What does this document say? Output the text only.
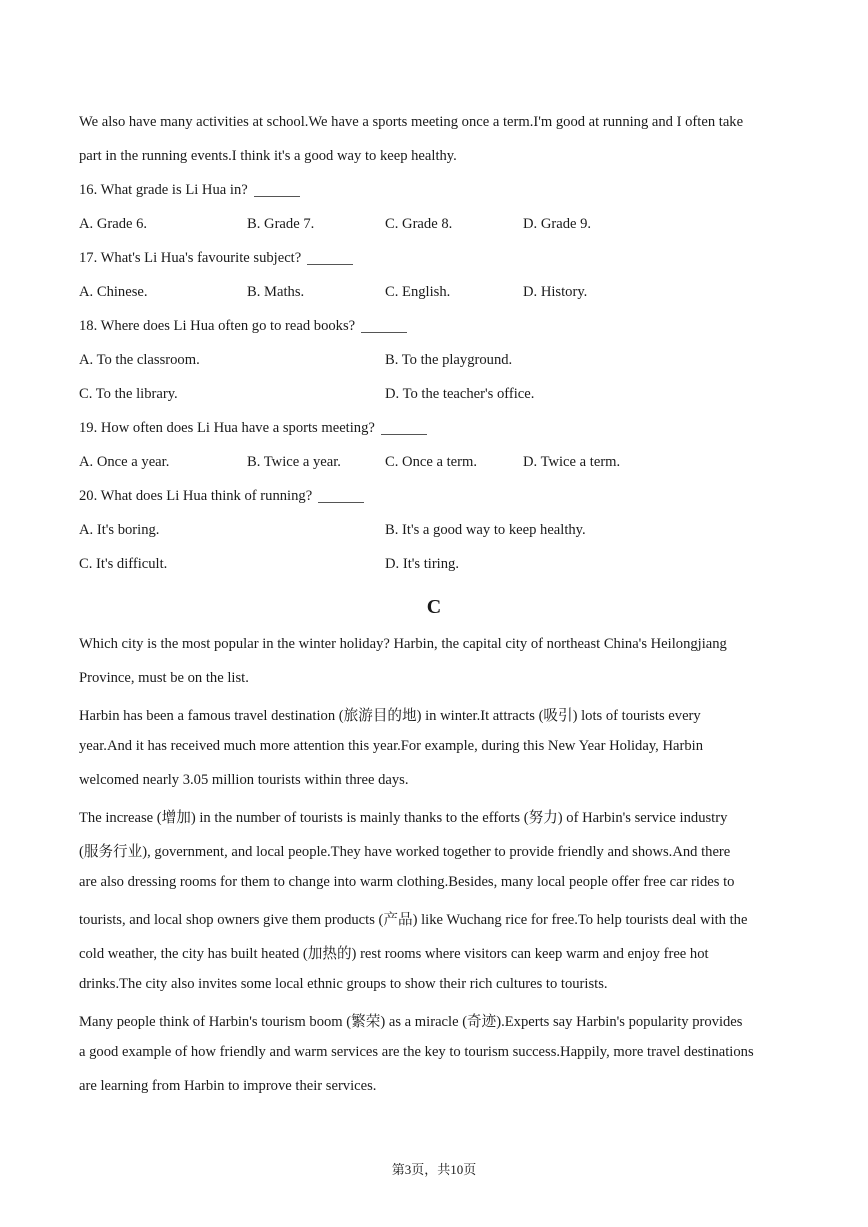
We also have many activities at school.We have a sports meeting once a term.I'm good at running and I often take
part in the running events.I think it's a good way to keep healthy.
16. What grade is Li Hua in?
A. Grade 6.	B. Grade 7.	C. Grade 8.	D. Grade 9.
17. What's Li Hua's favourite subject?
A. Chinese.	B. Maths.	C. English.	D. History.
18. Where does Li Hua often go to read books?
A. To the classroom.	B. To the playground.
C. To the library.	D. To the teacher's office.
19. How often does Li Hua have a sports meeting?
A. Once a year.	B. Twice a year.	C. Once a term.	D. Twice a term.
20. What does Li Hua think of running?
A. It's boring.	B. It's a good way to keep healthy.
C. It's difficult.	D. It's tiring.
C
Which city is the most popular in the winter holiday? Harbin, the capital city of northeast China's Heilongjiang
Province, must be on the list.
Harbin has been a famous travel destination (旅游目的地) in winter.It attracts (吸引) lots of tourists every
year.And it has received much more attention this year.For example, during this New Year Holiday, Harbin
welcomed nearly 3.05 million tourists within three days.
The increase (增加) in the number of tourists is mainly thanks to the efforts (努力) of Harbin's service industry
(服务行业), government, and local people.They have worked together to provide friendly and shows.And there
are also dressing rooms for them to change into warm clothing.Besides, many local people offer free car rides to
tourists, and local shop owners give them products (产品) like Wuchang rice for free.To help tourists deal with the
cold weather, the city has built heated (加热的) rest rooms where visitors can keep warm and enjoy free hot
drinks.The city also invites some local ethnic groups to show their rich cultures to tourists.
Many people think of Harbin's tourism boom (繁荣) as a miracle (奇迹).Experts say Harbin's popularity provides
a good example of how friendly and warm services are the key to tourism success.Happily, more travel destinations
are learning from Harbin to improve their services.
第3页，共10页
